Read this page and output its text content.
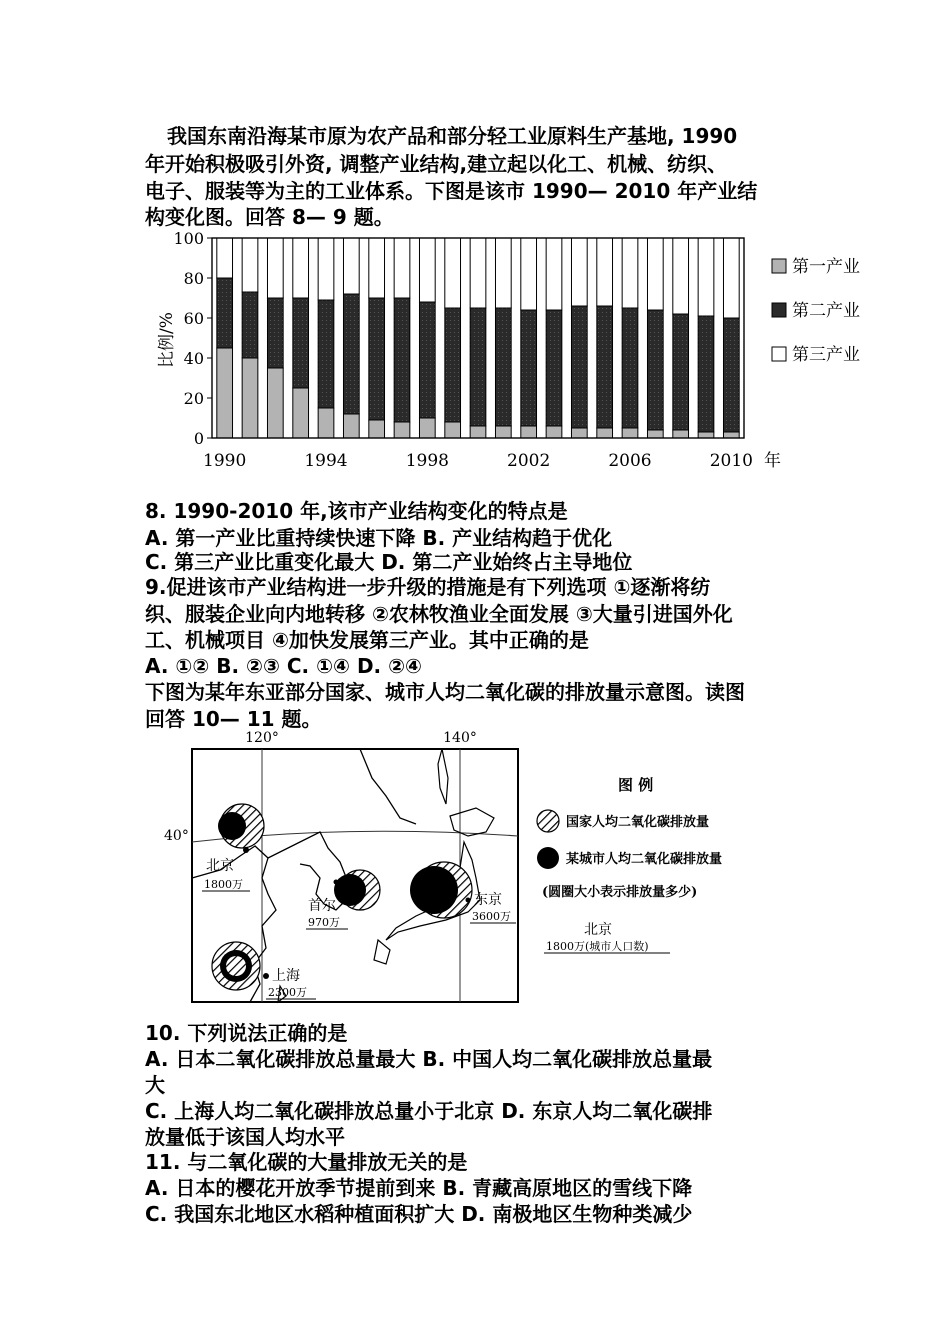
我国东南沿海某市原为农产品和部分轻工业原料生产基地, 1990
年开始积极吸引外资, 调整产业结构,建立起以化工、机械、纺织、
电子、服装等为主的工业体系。下图是该市 1990— 2010 年产业结
构变化图。回答 8— 9 题。
比例/%
0
20
40
60
80
100
1990	1994	1998	2002	2006	2010 年
第一产业
第二产业
第三产业
8. 1990-2010 年,该市产业结构变化的特点是
A. 第一产业比重持续快速下降 B. 产业结构趋于优化
C. 第三产业比重变化最大 D. 第二产业始终占主导地位
9.促进该市产业结构进一步升级的措施是有下列选项 ①逐渐将纺
织、服装企业向内地转移 ②农林牧渔业全面发展 ③大量引进国外化
工、机械项目 ④加快发展第三产业。其中正确的是
A. ①② B. ②③ C. ①④ D. ②④
下图为某年东亚部分国家、城市人均二氧化碳的排放量示意图。读图
回答 10— 11 题。
120°	140°
40°
北京
1800万
首尔
970万
东京
3600万
上海
2300万
图 例
国家人均二氧化碳排放量
某城市人均二氧化碳排放量
(圆圈大小表示排放量多少)
北京
1800万(城市人口数)
10. 下列说法正确的是
A. 日本二氧化碳排放总量最大 B. 中国人均二氧化碳排放总量最
大
C. 上海人均二氧化碳排放总量小于北京 D. 东京人均二氧化碳排
放量低于该国人均水平
11. 与二氧化碳的大量排放无关的是
A. 日本的樱花开放季节提前到来 B. 青藏高原地区的雪线下降
C. 我国东北地区水稻种植面积扩大 D. 南极地区生物种类减少
